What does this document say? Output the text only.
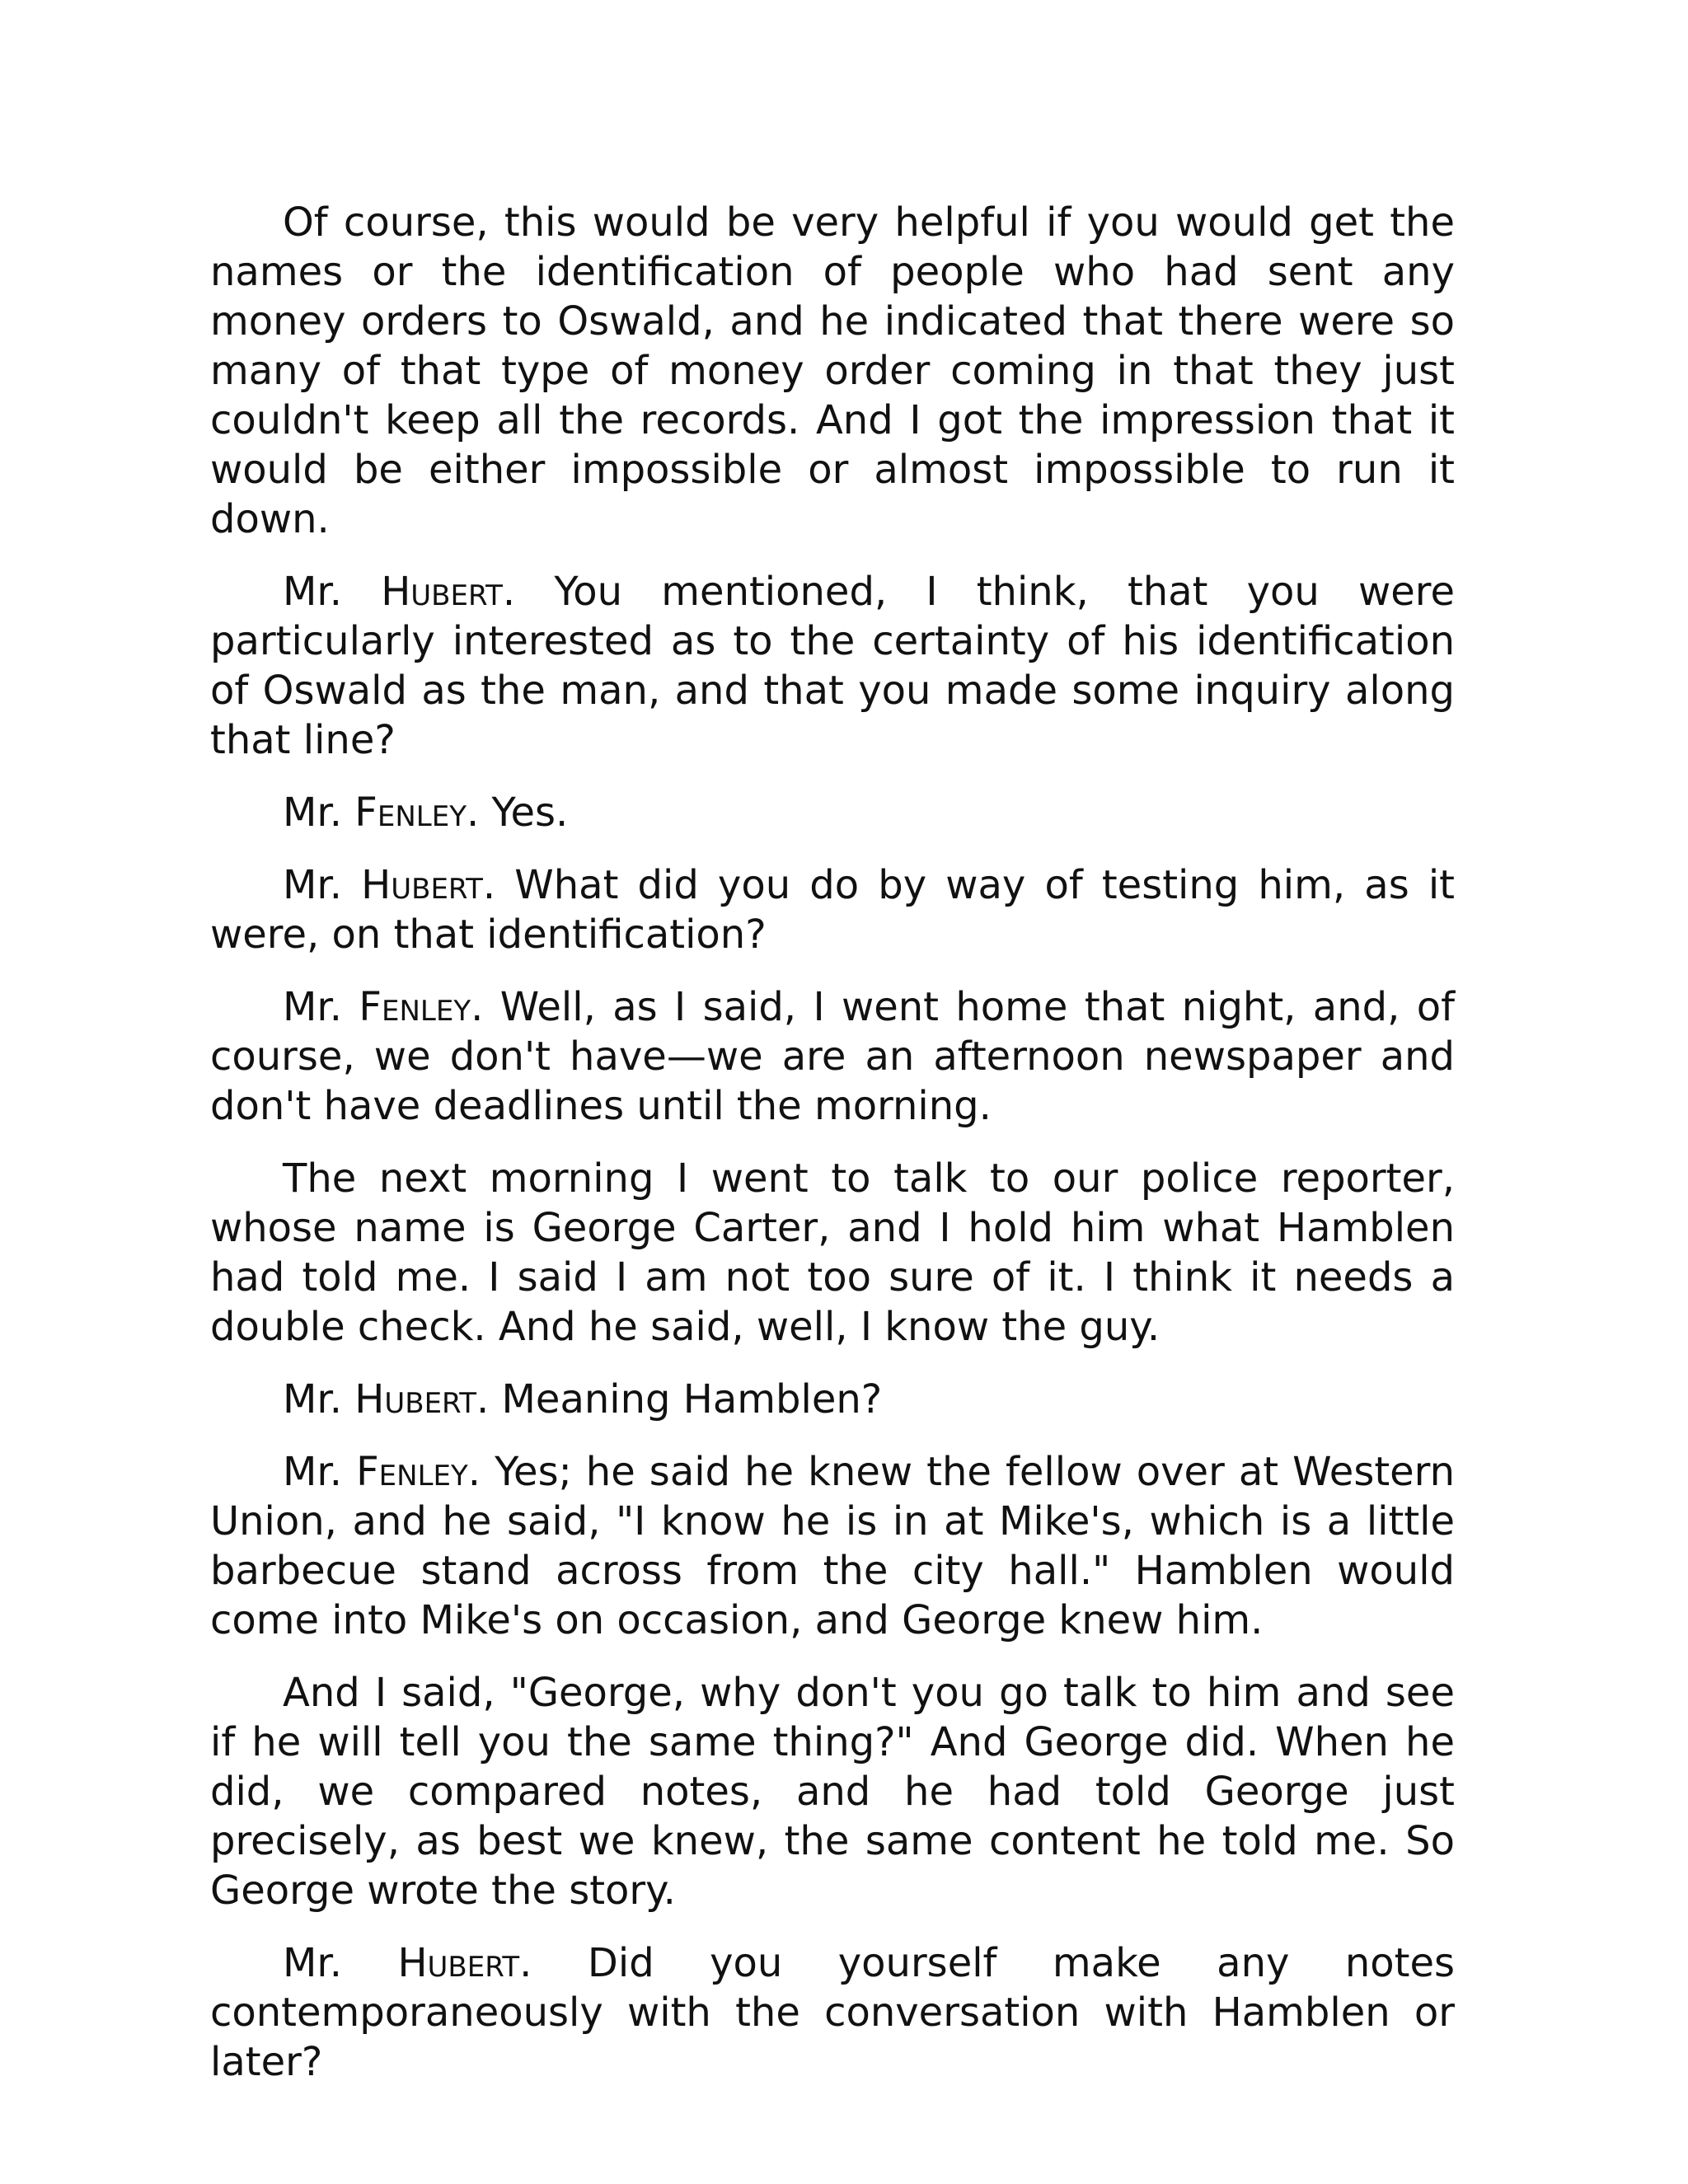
Of course, this would be very helpful if you would get the names or the identification of people who had sent any money orders to Oswald, and he indicated that there were so many of that type of money order coming in that they just couldn't keep all the records. And I got the impression that it would be either impossible or almost impossible to run it down.

Mr. Hubert. You mentioned, I think, that you were particularly interested as to the certainty of his identification of Oswald as the man, and that you made some inquiry along that line?

Mr. Fenley. Yes.

Mr. Hubert. What did you do by way of testing him, as it were, on that identification?

Mr. Fenley. Well, as I said, I went home that night, and, of course, we don't have—we are an afternoon newspaper and don't have deadlines until the morning.

The next morning I went to talk to our police reporter, whose name is George Carter, and I hold him what Hamblen had told me. I said I am not too sure of it. I think it needs a double check. And he said, well, I know the guy.

Mr. Hubert. Meaning Hamblen?

Mr. Fenley. Yes; he said he knew the fellow over at Western Union, and he said, "I know he is in at Mike's, which is a little barbecue stand across from the city hall." Hamblen would come into Mike's on occasion, and George knew him.

And I said, "George, why don't you go talk to him and see if he will tell you the same thing?" And George did. When he did, we compared notes, and he had told George just precisely, as best we knew, the same content he told me. So George wrote the story.

Mr. Hubert. Did you yourself make any notes contemporaneously with the conversation with Hamblen or later?
